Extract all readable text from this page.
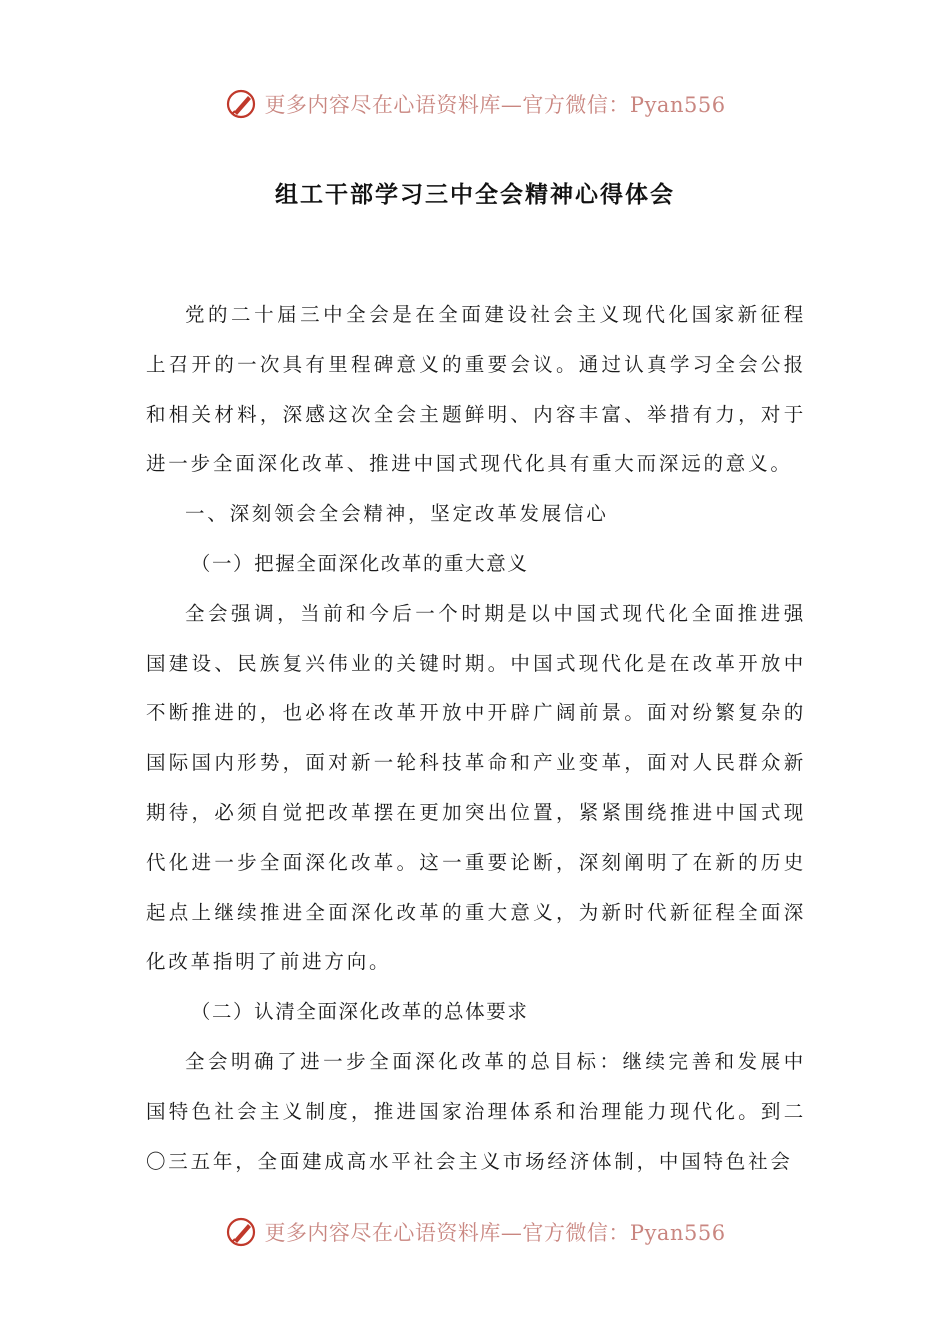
更多内容尽在心语资料库—官方微信：Pyan556
组工干部学习三中全会精神心得体会

党的二十届三中全会是在全面建设社会主义现代化国家新征程上召开的一次具有里程碑意义的重要会议。通过认真学习全会公报和相关材料，深感这次全会主题鲜明、内容丰富、举措有力，对于进一步全面深化改革、推进中国式现代化具有重大而深远的意义。

一、深刻领会全会精神，坚定改革发展信心

（一）把握全面深化改革的重大意义

全会强调，当前和今后一个时期是以中国式现代化全面推进强国建设、民族复兴伟业的关键时期。中国式现代化是在改革开放中不断推进的，也必将在改革开放中开辟广阔前景。面对纷繁复杂的国际国内形势，面对新一轮科技革命和产业变革，面对人民群众新期待，必须自觉把改革摆在更加突出位置，紧紧围绕推进中国式现代化进一步全面深化改革。这一重要论断，深刻阐明了在新的历史起点上继续推进全面深化改革的重大意义，为新时代新征程全面深化改革指明了前进方向。

（二）认清全面深化改革的总体要求

全会明确了进一步全面深化改革的总目标：继续完善和发展中国特色社会主义制度，推进国家治理体系和治理能力现代化。到二〇三五年，全面建成高水平社会主义市场经济体制，中国特色社会

更多内容尽在心语资料库—官方微信：Pyan556
